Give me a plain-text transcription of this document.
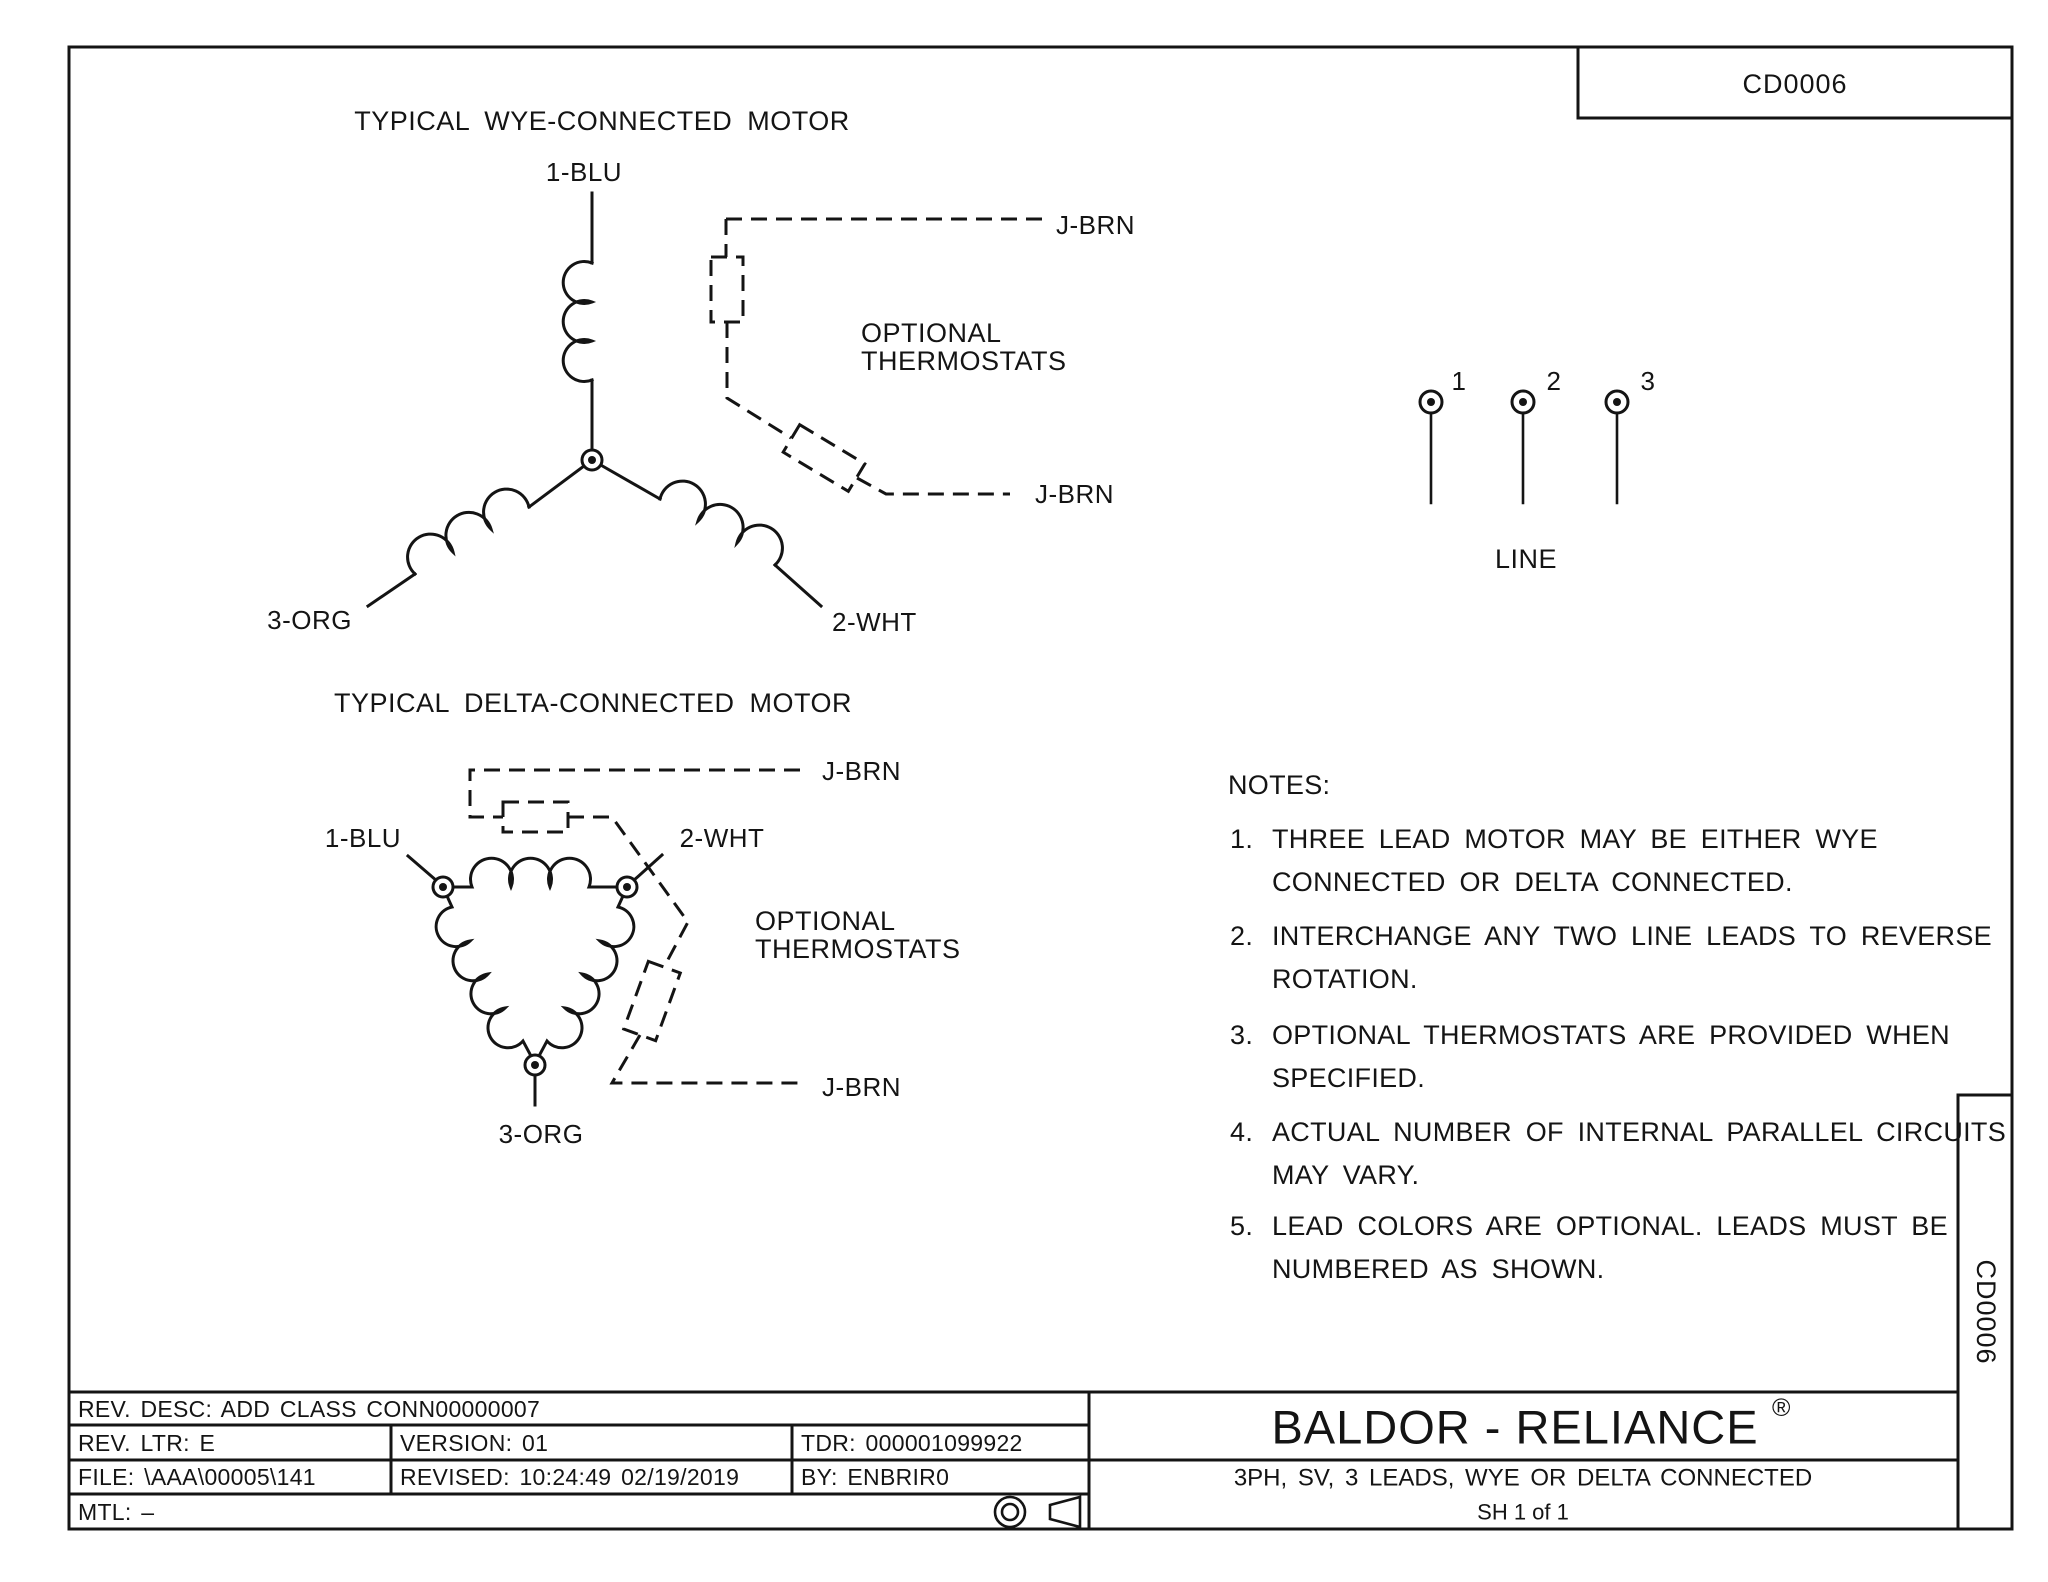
CD0006
CD0006
TYPICAL WYE-CONNECTED MOTOR
1-BLU
3-ORG	2-WHT
J-BRN
J-BRN
OPTIONAL
THERMOSTATS
TYPICAL DELTA-CONNECTED MOTOR
1-BLU	2-WHT
3-ORG
J-BRN
J-BRN
OPTIONAL
THERMOSTATS
1	2	3
LINE
NOTES:
1. THREE LEAD MOTOR MAY BE EITHER WYE
CONNECTED OR DELTA CONNECTED.
2. INTERCHANGE ANY TWO LINE LEADS TO REVERSE
ROTATION.
3. OPTIONAL THERMOSTATS ARE PROVIDED WHEN
SPECIFIED.
4. ACTUAL NUMBER OF INTERNAL PARALLEL CIRCUITS
MAY VARY.
5. LEAD COLORS ARE OPTIONAL. LEADS MUST BE
NUMBERED AS SHOWN.
REV. DESC: ADD CLASS CONN00000007
REV. LTR: E	VERSION: 01	TDR: 000001099922
FILE: \AAA\00005\141	REVISED: 10:24:49 02/19/2019	BY: ENBRIR0
MTL: –
BALDOR - RELIANCE ®
3PH, SV, 3 LEADS, WYE OR DELTA CONNECTED
SH 1 of 1
